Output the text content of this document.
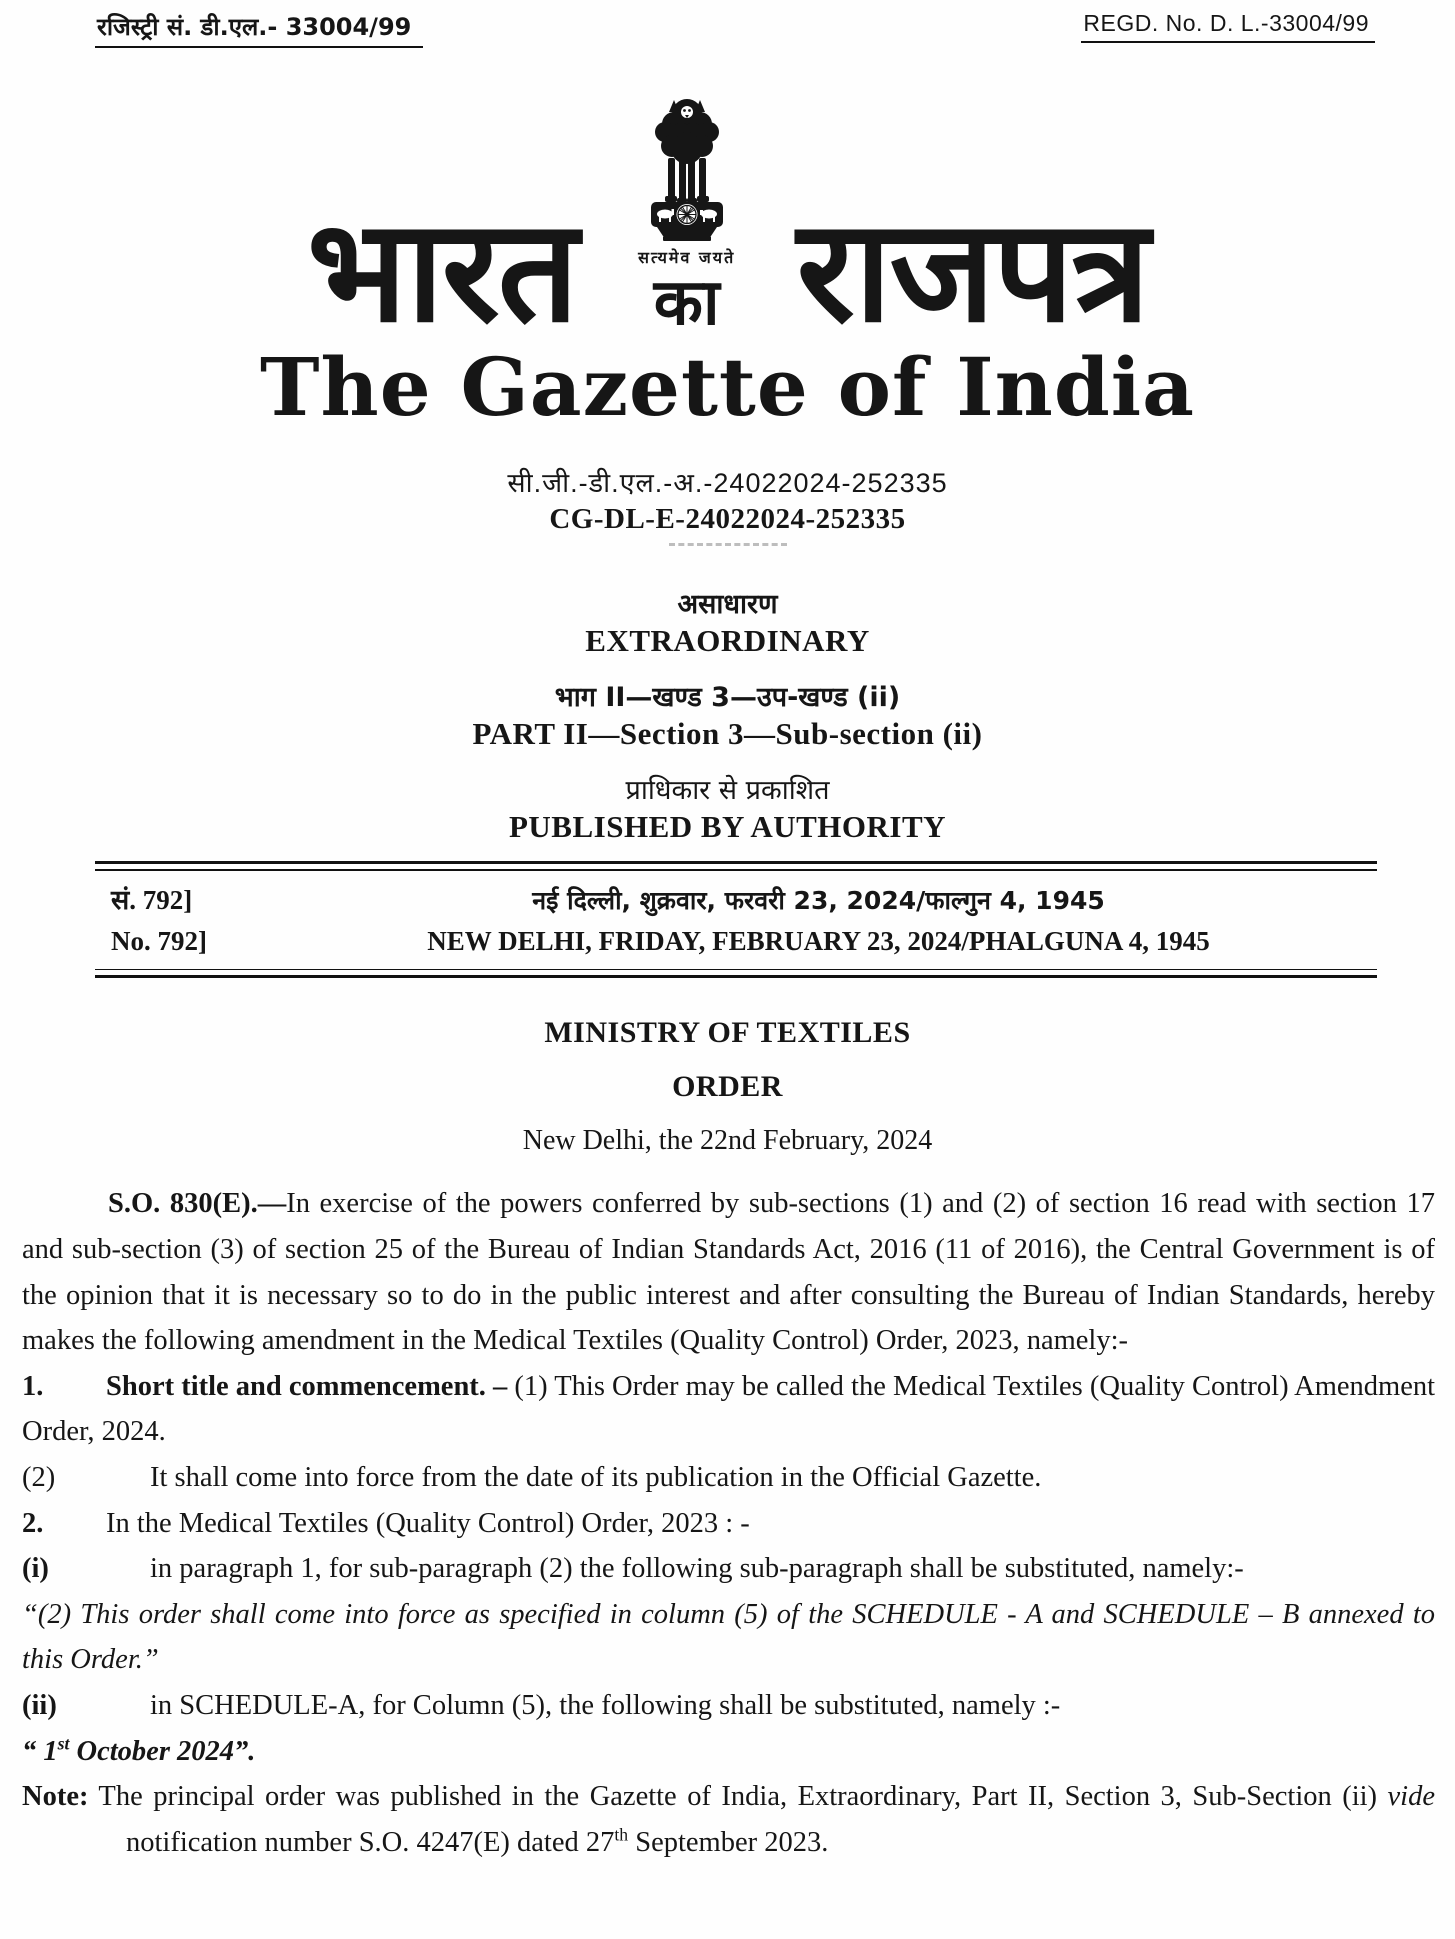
रजिस्ट्री सं. डी.एल.- 33004/99	REGD. No. D. L.-33004/99
भारत	सत्यमेव जयते
का राजपत्र
The Gazette of India
सी.जी.-डी.एल.-अ.-24022024-252335
CG-DL-E-24022024-252335
असाधारण
EXTRAORDINARY
भाग II—खण्ड 3—उप-खण्ड (ii)
PART II—Section 3—Sub-section (ii)
प्राधिकार से प्रकाशित
PUBLISHED BY AUTHORITY
सं. 792]	नई दिल्ली, शुक्रवार, फरवरी 23, 2024/फाल्गुन 4, 1945
No. 792]	NEW DELHI, FRIDAY, FEBRUARY 23, 2024/PHALGUNA 4, 1945
MINISTRY OF TEXTILES
ORDER
New Delhi, the 22nd February, 2024

S.O. 830(E).—In exercise of the powers conferred by sub-sections (1) and (2) of section 16 read with section 17 and sub-section (3) of section 25 of the Bureau of Indian Standards Act, 2016 (11 of 2016), the Central Government is of the opinion that it is necessary so to do in the public interest and after consulting the Bureau of Indian Standards, hereby makes the following amendment in the Medical Textiles (Quality Control) Order, 2023, namely:-

1. Short title and commencement. – (1) This Order may be called the Medical Textiles (Quality Control) Amendment Order, 2024.

(2)	It shall come into force from the date of its publication in the Official Gazette.

2. In the Medical Textiles (Quality Control) Order, 2023 : -

(i)	in paragraph 1, for sub-paragraph (2) the following sub-paragraph shall be substituted, namely:-

“(2) This order shall come into force as specified in column (5) of the SCHEDULE - A and SCHEDULE – B annexed to this Order.”

(ii)	in SCHEDULE-A, for Column (5), the following shall be substituted, namely :-

“ 1st October 2024”.

Note: The principal order was published in the Gazette of India, Extraordinary, Part II, Section 3, Sub-Section (ii) vide notification number S.O. 4247(E) dated 27th September 2023.
